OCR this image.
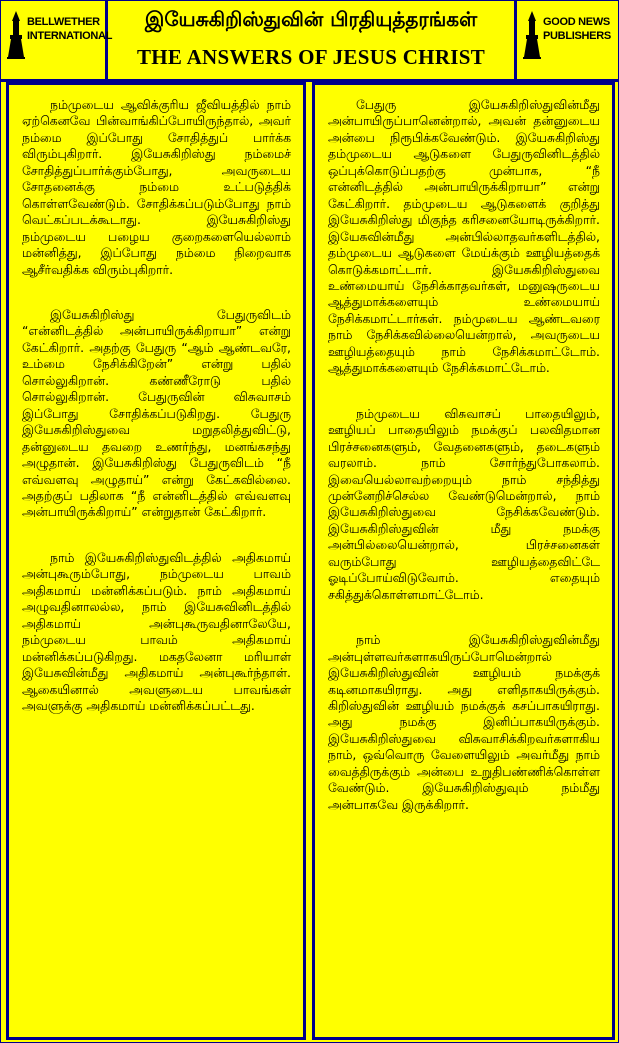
BELLWETHER
INTERNATIONAL
இயேசுகிறிஸ்துவின் பிரதியுத்தரங்கள்
THE ANSWERS OF JESUS CHRIST
GOOD NEWS
PUBLISHERS

நம்முடைய ஆவிக்குரிய ஜீவியத்தில் நாம் ஏற்கெனவே பின்வாங்கிப்போயிருந்தால், அவர் நம்மை இப்போது சோதித்துப் பார்க்க விரும்புகிறார். இயேசுகிறிஸ்து நம்மைச் சோதித்துப்பார்க்கும்போது, அவருடைய சோதனைக்கு நம்மை உட்படுத்திக் கொள்ளவேண்டும். சோதிக்கப்படும்போது நாம் வெட்கப்படக்கூடாது. இயேசுகிறிஸ்து நம்முடைய பழைய குறைகளையெல்லாம் மன்னித்து, இப்போது நம்மை நிறைவாக ஆசீர்வதிக்க விரும்புகிறார்.

இயேசுகிறிஸ்து பேதுருவிடம் “என்னிடத்தில் அன்பாயிருக்கிறாயா” என்று கேட்கிறார். அதற்கு பேதுரு “ஆம் ஆண்டவரே, உம்மை நேசிக்கிறேன்” என்று பதில் சொல்லுகிறான். கண்ணீரோடு பதில் சொல்லுகிறான். பேதுருவின் விசுவாசம் இப்போது சோதிக்கப்படுகிறது. பேதுரு இயேசுகிறிஸ்துவை மறுதலித்துவிட்டு, தன்னுடைய தவறை உணர்ந்து, மனங்கசந்து அழுதான். இயேசுகிறிஸ்து பேதுருவிடம் “நீ எவ்வளவு அழுதாய்” என்று கேட்கவில்லை. அதற்குப் பதிலாக “நீ என்னிடத்தில் எவ்வளவு அன்பாயிருக்கிறாய்” என்றுதான் கேட்கிறார்.

நாம் இயேசுகிறிஸ்துவிடத்தில் அதிகமாய் அன்புகூரும்போது, நம்முடைய பாவம் அதிகமாய் மன்னிக்கப்படும். நாம் அதிகமாய் அழுவதினாலல்ல, நாம் இயேசுவினிடத்தில் அதிகமாய் அன்புகூருவதினாலேயே, நம்முடைய பாவம் அதிகமாய் மன்னிக்கப்படுகிறது. மகதலேனா மரியாள் இயேசுவின்மீது அதிகமாய் அன்புகூர்ந்தாள். ஆகையினால் அவளுடைய பாவங்கள் அவளுக்கு அதிகமாய் மன்னிக்கப்பட்டது.

பேதுரு இயேசுகிறிஸ்துவின்மீது அன்பாயிருப்பானென்றால், அவன் தன்னுடைய அன்பை நிரூபிக்கவேண்டும். இயேசுகிறிஸ்து தம்முடைய ஆடுகளை பேதுருவினிடத்தில் ஒப்புக்கொடுப்பதற்கு முன்பாக, “நீ என்னிடத்தில் அன்பாயிருக்கிறாயா” என்று கேட்கிறார். தம்முடைய ஆடுகளைக் குறித்து இயேசுகிறிஸ்து மிகுந்த கரிசனையோடிருக்கிறார். இயேசுவின்மீது அன்பில்லாதவர்களிடத்தில், தம்முடைய ஆடுகளை மேய்க்கும் ஊழியத்தைக் கொடுக்கமாட்டார். இயேசுகிறிஸ்துவை உண்மையாய் நேசிக்காதவர்கள், மனுஷருடைய ஆத்துமாக்களையும் உண்மையாய் நேசிக்கமாட்டார்கள். நம்முடைய ஆண்டவரை நாம் நேசிக்கவில்லையென்றால், அவருடைய ஊழியத்தையும் நாம் நேசிக்கமாட்டோம். ஆத்துமாக்களையும் நேசிக்கமாட்டோம்.

நம்முடைய விசுவாசப் பாதையிலும், ஊழியப் பாதையிலும் நமக்குப் பலவிதமான பிரச்சனைகளும், வேதனைகளும், தடைகளும் வரலாம். நாம் சோர்ந்துபோகலாம். இவையெல்லாவற்றையும் நாம் சந்தித்து முன்னேறிச்செல்ல வேண்டுமென்றால், நாம் இயேசுகிறிஸ்துவை நேசிக்கவேண்டும். இயேசுகிறிஸ்துவின் மீது நமக்கு அன்பில்லையென்றால், பிரச்சனைகள் வரும்போது ஊழியத்தைவிட்டே ஓடிப்போய்விடுவோம். எதையும் சகித்துக்கொள்ளமாட்டோம்.

நாம் இயேசுகிறிஸ்துவின்மீது அன்புள்ளவர்களாகயிருப்போமென்றால் இயேசுகிறிஸ்துவின் ஊழியம் நமக்குக் கடினமாகயிராது. அது எளிதாகயிருக்கும். கிறிஸ்துவின் ஊழியம் நமக்குக் கசப்பாகயிராது. அது நமக்கு இனிப்பாகயிருக்கும். இயேசுகிறிஸ்துவை விசுவாசிக்கிறவர்களாகிய நாம், ஒவ்வொரு வேளையிலும் அவர்மீது நாம் வைத்திருக்கும் அன்பை உறுதிபண்ணிக்கொள்ள வேண்டும். இயேசுகிறிஸ்துவும் நம்மீது அன்பாகவே இருக்கிறார்.
